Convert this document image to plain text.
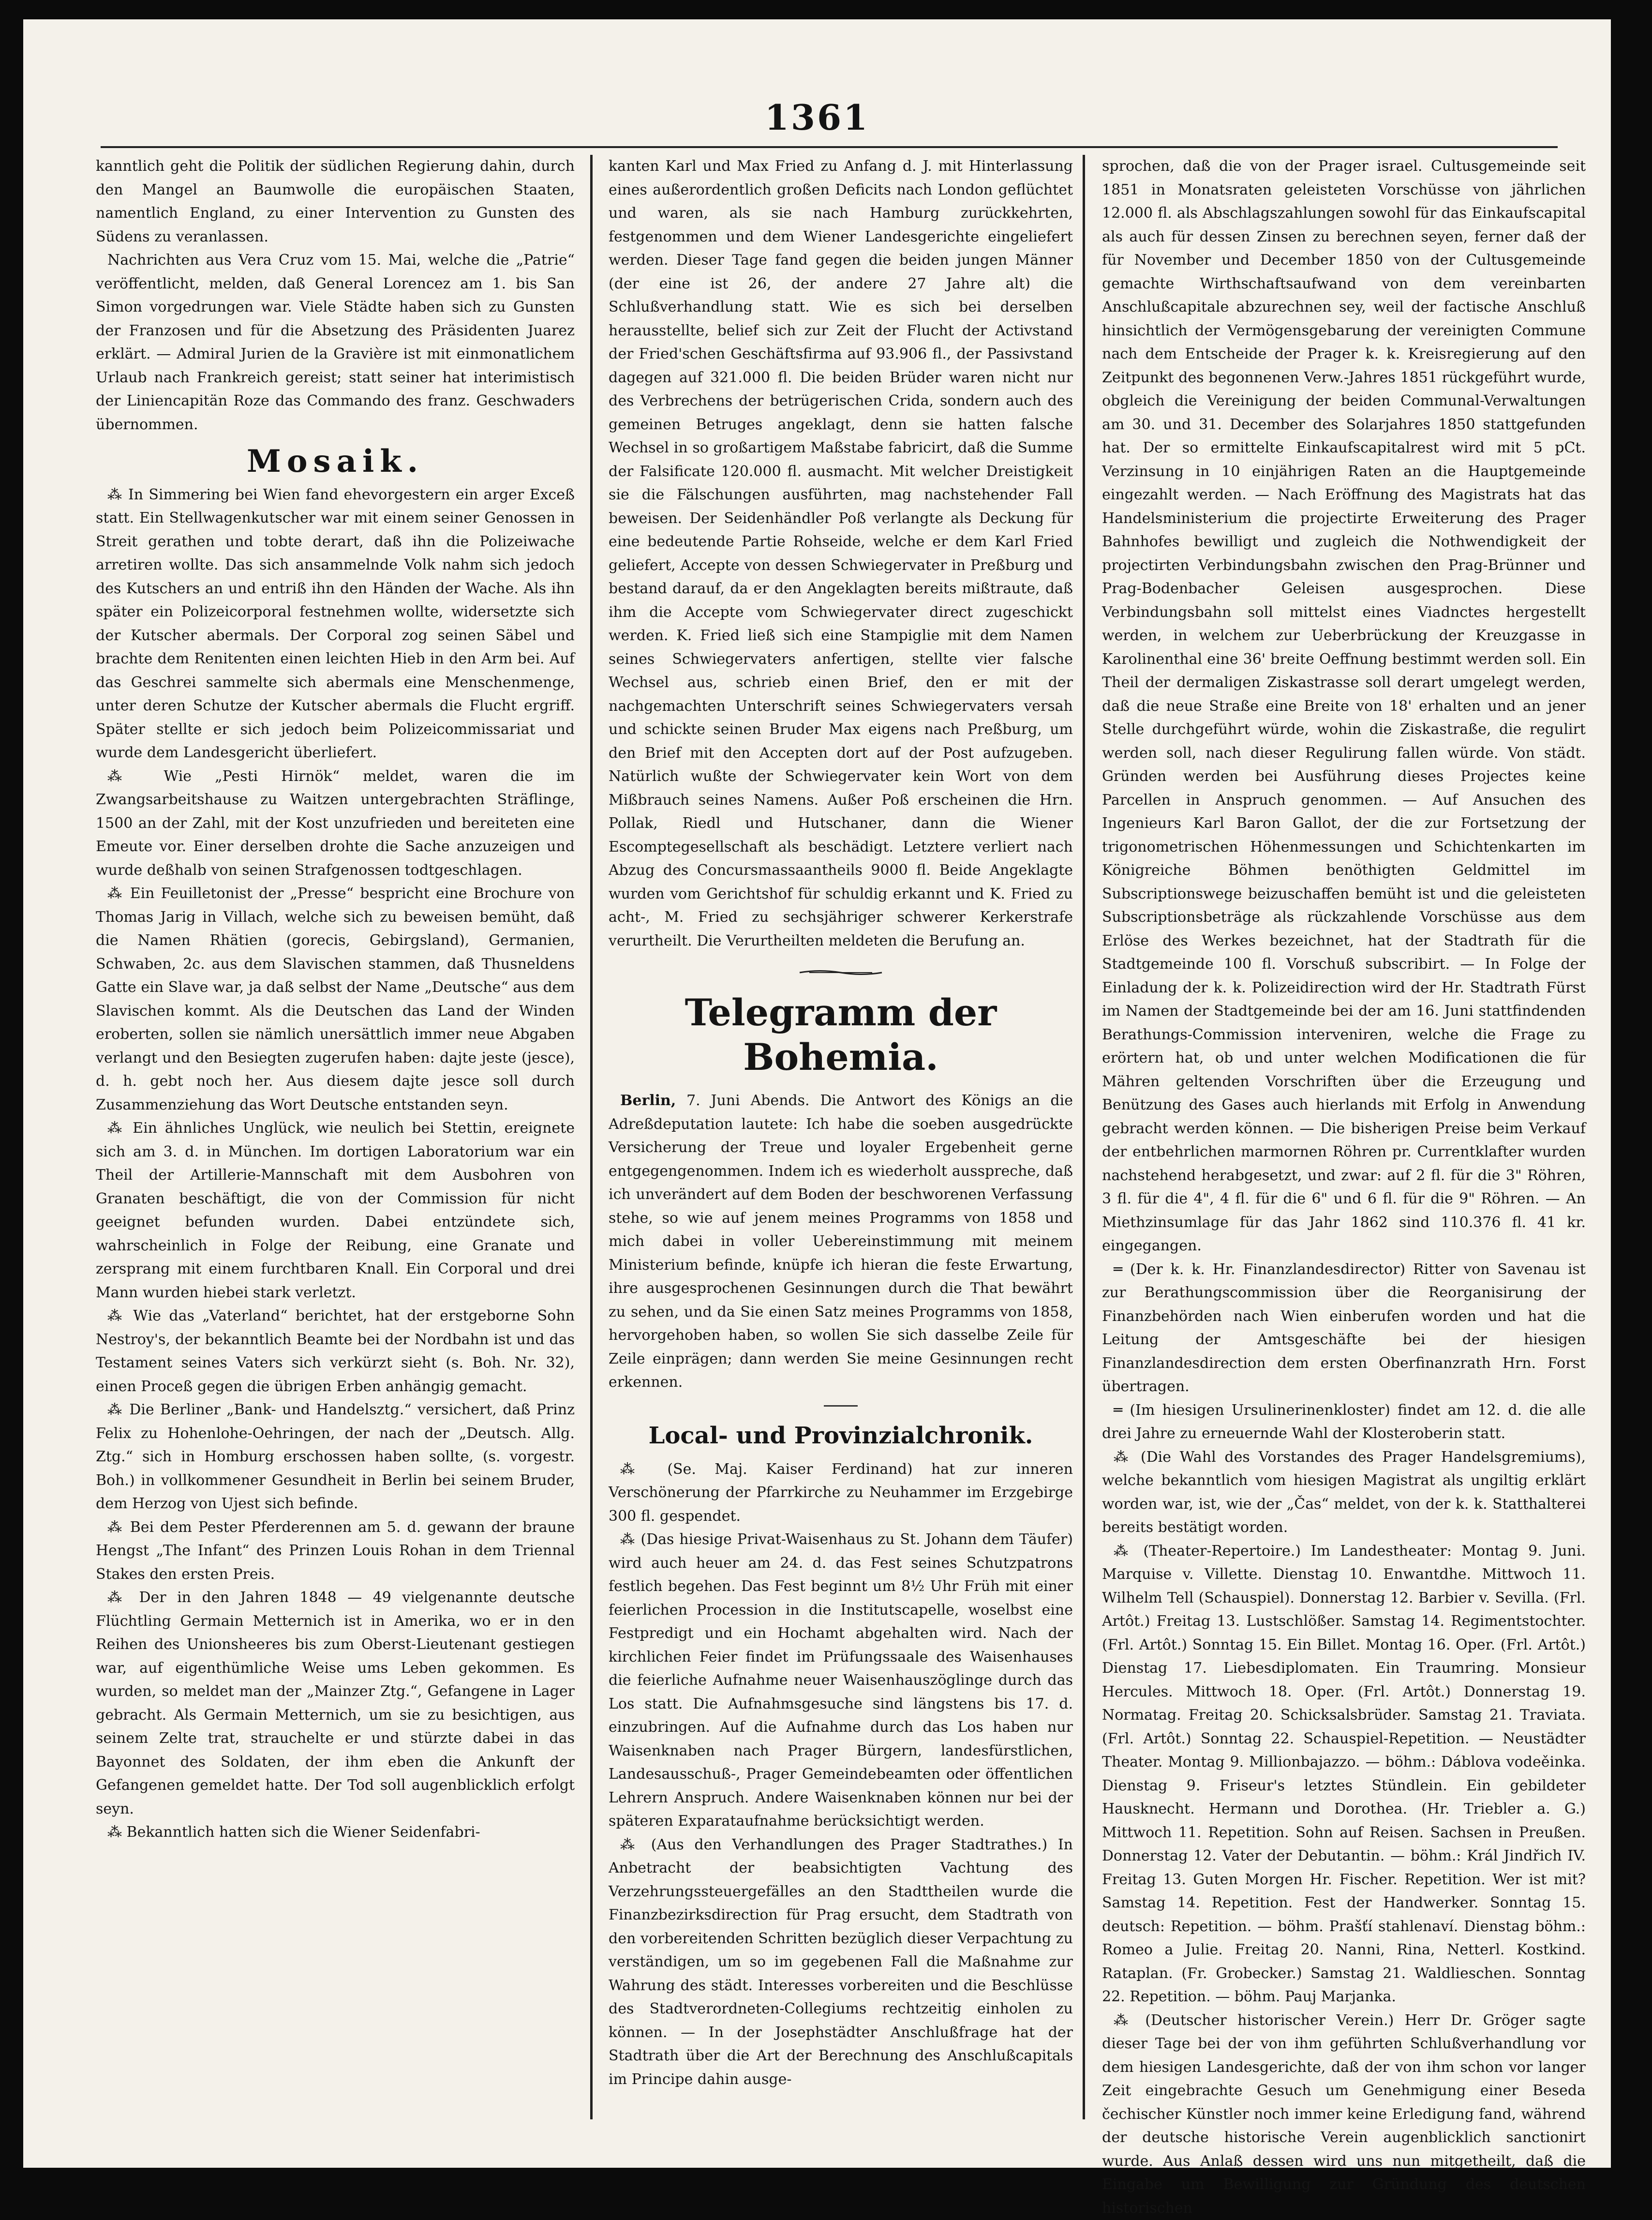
1361

kanntlich geht die Politik der südlichen Regierung dahin, durch den Mangel an Baumwolle die europäischen Staaten, namentlich England, zu einer Intervention zu Gunsten des Südens zu veranlassen.

Nachrichten aus Vera Cruz vom 15. Mai, welche die „Patrie“ veröffentlicht, melden, daß General Lorencez am 1. bis San Simon vorgedrungen war. Viele Städte haben sich zu Gunsten der Franzosen und für die Absetzung des Präsidenten Juarez erklärt. — Admiral Jurien de la Gravière ist mit einmonatlichem Urlaub nach Frankreich gereist; statt seiner hat interimistisch der Liniencapitän Roze das Commando des franz. Geschwaders übernommen.

Mosaik.

⁂ In Simmering bei Wien fand ehevorgestern ein arger Exceß statt. Ein Stellwagenkutscher war mit einem seiner Genossen in Streit gerathen und tobte derart, daß ihn die Polizeiwache arretiren wollte. Das sich ansammelnde Volk nahm sich jedoch des Kutschers an und entriß ihn den Händen der Wache. Als ihn später ein Polizeicorporal festnehmen wollte, widersetzte sich der Kutscher abermals. Der Corporal zog seinen Säbel und brachte dem Renitenten einen leichten Hieb in den Arm bei. Auf das Geschrei sammelte sich abermals eine Menschenmenge, unter deren Schutze der Kutscher abermals die Flucht ergriff. Später stellte er sich jedoch beim Polizeicommissariat und wurde dem Landesgericht überliefert.

⁂ Wie „Pesti Hirnök“ meldet, waren die im Zwangsarbeitshause zu Waitzen untergebrachten Sträflinge, 1500 an der Zahl, mit der Kost unzufrieden und bereiteten eine Emeute vor. Einer derselben drohte die Sache anzuzeigen und wurde deßhalb von seinen Strafgenossen todtgeschlagen.

⁂ Ein Feuilletonist der „Presse“ bespricht eine Brochure von Thomas Jarig in Villach, welche sich zu beweisen bemüht, daß die Namen Rhätien (gorecis, Gebirgsland), Germanien, Schwaben, 2c. aus dem Slavischen stammen, daß Thusneldens Gatte ein Slave war, ja daß selbst der Name „Deutsche“ aus dem Slavischen kommt. Als die Deutschen das Land der Winden eroberten, sollen sie nämlich unersättlich immer neue Abgaben verlangt und den Besiegten zugerufen haben: dajte jeste (jesce), d. h. gebt noch her. Aus diesem dajte jesce soll durch Zusammenziehung das Wort Deutsche entstanden seyn.

⁂ Ein ähnliches Unglück, wie neulich bei Stettin, ereignete sich am 3. d. in München. Im dortigen Laboratorium war ein Theil der Artillerie-Mannschaft mit dem Ausbohren von Granaten beschäftigt, die von der Commission für nicht geeignet befunden wurden. Dabei entzündete sich, wahrscheinlich in Folge der Reibung, eine Granate und zersprang mit einem furchtbaren Knall. Ein Corporal und drei Mann wurden hiebei stark verletzt.

⁂ Wie das „Vaterland“ berichtet, hat der erstgeborne Sohn Nestroy's, der bekanntlich Beamte bei der Nordbahn ist und das Testament seines Vaters sich verkürzt sieht (s. Boh. Nr. 32), einen Proceß gegen die übrigen Erben anhängig gemacht.

⁂ Die Berliner „Bank- und Handelsztg.“ versichert, daß Prinz Felix zu Hohenlohe-Oehringen, der nach der „Deutsch. Allg. Ztg.“ sich in Homburg erschossen haben sollte, (s. vorgestr. Boh.) in vollkommener Gesundheit in Berlin bei seinem Bruder, dem Herzog von Ujest sich befinde.

⁂ Bei dem Pester Pferderennen am 5. d. gewann der braune Hengst „The Infant“ des Prinzen Louis Rohan in dem Triennal Stakes den ersten Preis.

⁂ Der in den Jahren 1848 — 49 vielgenannte deutsche Flüchtling Germain Metternich ist in Amerika, wo er in den Reihen des Unionsheeres bis zum Oberst-Lieutenant gestiegen war, auf eigenthümliche Weise ums Leben gekommen. Es wurden, so meldet man der „Mainzer Ztg.“, Gefangene in Lager gebracht. Als Germain Metternich, um sie zu besichtigen, aus seinem Zelte trat, strauchelte er und stürzte dabei in das Bayonnet des Soldaten, der ihm eben die Ankunft der Gefangenen gemeldet hatte. Der Tod soll augenblicklich erfolgt seyn.

⁂ Bekanntlich hatten sich die Wiener Seidenfabri-

kanten Karl und Max Fried zu Anfang d. J. mit Hinterlassung eines außerordentlich großen Deficits nach London geflüchtet und waren, als sie nach Hamburg zurückkehrten, festgenommen und dem Wiener Landesgerichte eingeliefert werden. Dieser Tage fand gegen die beiden jungen Männer (der eine ist 26, der andere 27 Jahre alt) die Schlußverhandlung statt. Wie es sich bei derselben herausstellte, belief sich zur Zeit der Flucht der Activstand der Fried'schen Geschäftsfirma auf 93.906 fl., der Passivstand dagegen auf 321.000 fl. Die beiden Brüder waren nicht nur des Verbrechens der betrügerischen Crida, sondern auch des gemeinen Betruges angeklagt, denn sie hatten falsche Wechsel in so großartigem Maßstabe fabricirt, daß die Summe der Falsificate 120.000 fl. ausmacht. Mit welcher Dreistigkeit sie die Fälschungen ausführten, mag nachstehender Fall beweisen. Der Seidenhändler Poß verlangte als Deckung für eine bedeutende Partie Rohseide, welche er dem Karl Fried geliefert, Accepte von dessen Schwiegervater in Preßburg und bestand darauf, da er den Angeklagten bereits mißtraute, daß ihm die Accepte vom Schwiegervater direct zugeschickt werden. K. Fried ließ sich eine Stampiglie mit dem Namen seines Schwiegervaters anfertigen, stellte vier falsche Wechsel aus, schrieb einen Brief, den er mit der nachgemachten Unterschrift seines Schwiegervaters versah und schickte seinen Bruder Max eigens nach Preßburg, um den Brief mit den Accepten dort auf der Post aufzugeben. Natürlich wußte der Schwiegervater kein Wort von dem Mißbrauch seines Namens. Außer Poß erscheinen die Hrn. Pollak, Riedl und Hutschaner, dann die Wiener Escomptegesellschaft als beschädigt. Letztere verliert nach Abzug des Concursmassaantheils 9000 fl. Beide Angeklagte wurden vom Gerichtshof für schuldig erkannt und K. Fried zu acht-, M. Fried zu sechsjähriger schwerer Kerkerstrafe verurtheilt. Die Verurtheilten meldeten die Berufung an.

Telegramm der Bohemia.

Berlin, 7. Juni Abends. Die Antwort des Königs an die Adreßdeputation lautete: Ich habe die soeben ausgedrückte Versicherung der Treue und loyaler Ergebenheit gerne entgegengenommen. Indem ich es wiederholt ausspreche, daß ich unverändert auf dem Boden der beschworenen Verfassung stehe, so wie auf jenem meines Programms von 1858 und mich dabei in voller Uebereinstimmung mit meinem Ministerium befinde, knüpfe ich hieran die feste Erwartung, ihre ausgesprochenen Gesinnungen durch die That bewährt zu sehen, und da Sie einen Satz meines Programms von 1858, hervorgehoben haben, so wollen Sie sich dasselbe Zeile für Zeile einprägen; dann werden Sie meine Gesinnungen recht erkennen.

Local- und Provinzialchronik.

⁂ (Se. Maj. Kaiser Ferdinand) hat zur inneren Verschönerung der Pfarrkirche zu Neuhammer im Erzgebirge 300 fl. gespendet.

⁂ (Das hiesige Privat-Waisenhaus zu St. Johann dem Täufer) wird auch heuer am 24. d. das Fest seines Schutzpatrons festlich begehen. Das Fest beginnt um 8½ Uhr Früh mit einer feierlichen Procession in die Institutscapelle, woselbst eine Festpredigt und ein Hochamt abgehalten wird. Nach der kirchlichen Feier findet im Prüfungssaale des Waisenhauses die feierliche Aufnahme neuer Waisenhauszöglinge durch das Los statt. Die Aufnahmsgesuche sind längstens bis 17. d. einzubringen. Auf die Aufnahme durch das Los haben nur Waisenknaben nach Prager Bürgern, landesfürstlichen, Landesausschuß-, Prager Gemeindebeamten oder öffentlichen Lehrern Anspruch. Andere Waisenknaben können nur bei der späteren Exparataufnahme berücksichtigt werden.

⁂ (Aus den Verhandlungen des Prager Stadtrathes.) In Anbetracht der beabsichtigten Vachtung des Verzehrungssteuergefälles an den Stadttheilen wurde die Finanzbezirksdirection für Prag ersucht, dem Stadtrath von den vorbereitenden Schritten bezüglich dieser Verpachtung zu verständigen, um so im gegebenen Fall die Maßnahme zur Wahrung des städt. Interesses vorbereiten und die Beschlüsse des Stadtverordneten-Collegiums rechtzeitig einholen zu können. — In der Josephstädter Anschlußfrage hat der Stadtrath über die Art der Berechnung des Anschlußcapitals im Principe dahin ausge-

sprochen, daß die von der Prager israel. Cultusgemeinde seit 1851 in Monatsraten geleisteten Vorschüsse von jährlichen 12.000 fl. als Abschlagszahlungen sowohl für das Einkaufscapital als auch für dessen Zinsen zu berechnen seyen, ferner daß der für November und December 1850 von der Cultusgemeinde gemachte Wirthschaftsaufwand von dem vereinbarten Anschlußcapitale abzurechnen sey, weil der factische Anschluß hinsichtlich der Vermögensgebarung der vereinigten Commune nach dem Entscheide der Prager k. k. Kreisregierung auf den Zeitpunkt des begonnenen Verw.-Jahres 1851 rückgeführt wurde, obgleich die Vereinigung der beiden Communal-Verwaltungen am 30. und 31. December des Solarjahres 1850 stattgefunden hat. Der so ermittelte Einkaufscapitalrest wird mit 5 pCt. Verzinsung in 10 einjährigen Raten an die Hauptgemeinde eingezahlt werden. — Nach Eröffnung des Magistrats hat das Handelsministerium die projectirte Erweiterung des Prager Bahnhofes bewilligt und zugleich die Nothwendigkeit der projectirten Verbindungsbahn zwischen den Prag-Brünner und Prag-Bodenbacher Geleisen ausgesprochen. Diese Verbindungsbahn soll mittelst eines Viadnctes hergestellt werden, in welchem zur Ueberbrückung der Kreuzgasse in Karolinenthal eine 36' breite Oeffnung bestimmt werden soll. Ein Theil der dermaligen Ziskastrasse soll derart umgelegt werden, daß die neue Straße eine Breite von 18' erhalten und an jener Stelle durchgeführt würde, wohin die Ziskastraße, die regulirt werden soll, nach dieser Regulirung fallen würde. Von städt. Gründen werden bei Ausführung dieses Projectes keine Parcellen in Anspruch genommen. — Auf Ansuchen des Ingenieurs Karl Baron Gallot, der die zur Fortsetzung der trigonometrischen Höhenmessungen und Schichtenkarten im Königreiche Böhmen benöthigten Geldmittel im Subscriptionswege beizuschaffen bemüht ist und die geleisteten Subscriptionsbeträge als rückzahlende Vorschüsse aus dem Erlöse des Werkes bezeichnet, hat der Stadtrath für die Stadtgemeinde 100 fl. Vorschuß subscribirt. — In Folge der Einladung der k. k. Polizeidirection wird der Hr. Stadtrath Fürst im Namen der Stadtgemeinde bei der am 16. Juni stattfindenden Berathungs-Commission interveniren, welche die Frage zu erörtern hat, ob und unter welchen Modificationen die für Mähren geltenden Vorschriften über die Erzeugung und Benützung des Gases auch hierlands mit Erfolg in Anwendung gebracht werden können. — Die bisherigen Preise beim Verkauf der entbehrlichen marmornen Röhren pr. Currentklafter wurden nachstehend herabgesetzt, und zwar: auf 2 fl. für die 3" Röhren, 3 fl. für die 4", 4 fl. für die 6" und 6 fl. für die 9" Röhren. — An Miethzinsumlage für das Jahr 1862 sind 110.376 fl. 41 kr. eingegangen.

═ (Der k. k. Hr. Finanzlandesdirector) Ritter von Savenau ist zur Berathungscommission über die Reorganisirung der Finanzbehörden nach Wien einberufen worden und hat die Leitung der Amtsgeschäfte bei der hiesigen Finanzlandesdirection dem ersten Oberfinanzrath Hrn. Forst übertragen.

═ (Im hiesigen Ursulinerinenkloster) findet am 12. d. die alle drei Jahre zu erneuernde Wahl der Klosteroberin statt.

⁂ (Die Wahl des Vorstandes des Prager Handelsgremiums), welche bekanntlich vom hiesigen Magistrat als ungiltig erklärt worden war, ist, wie der „Čas“ meldet, von der k. k. Statthalterei bereits bestätigt worden.

⁂ (Theater-Repertoire.) Im Landestheater: Montag 9. Juni. Marquise v. Villette. Dienstag 10. Enwantdhe. Mittwoch 11. Wilhelm Tell (Schauspiel). Donnerstag 12. Barbier v. Sevilla. (Frl. Artôt.) Freitag 13. Lustschlößer. Samstag 14. Regimentstochter. (Frl. Artôt.) Sonntag 15. Ein Billet. Montag 16. Oper. (Frl. Artôt.) Dienstag 17. Liebesdiplomaten. Ein Traumring. Monsieur Hercules. Mittwoch 18. Oper. (Frl. Artôt.) Donnerstag 19. Normatag. Freitag 20. Schicksalsbrüder. Samstag 21. Traviata. (Frl. Artôt.) Sonntag 22. Schauspiel-Repetition. — Neustädter Theater. Montag 9. Millionbajazzo. — böhm.: Dáblova vodeěinka. Dienstag 9. Friseur's letztes Stündlein. Ein gebildeter Hausknecht. Hermann und Dorothea. (Hr. Triebler a. G.) Mittwoch 11. Repetition. Sohn auf Reisen. Sachsen in Preußen. Donnerstag 12. Vater der Debutantin. — böhm.: Král Jindřich IV. Freitag 13. Guten Morgen Hr. Fischer. Repetition. Wer ist mit? Samstag 14. Repetition. Fest der Handwerker. Sonntag 15. deutsch: Repetition. — böhm. Prašťí stahlenaví. Dienstag böhm.: Romeo a Julie. Freitag 20. Nanni, Rina, Netterl. Kostkind. Rataplan. (Fr. Grobecker.) Samstag 21. Waldlieschen. Sonntag 22. Repetition. — böhm. Pauj Marjanka.

⁂ (Deutscher historischer Verein.) Herr Dr. Gröger sagte dieser Tage bei der von ihm geführten Schlußverhandlung vor dem hiesigen Landesgerichte, daß der von ihm schon vor langer Zeit eingebrachte Gesuch um Genehmigung einer Beseda čechischer Künstler noch immer keine Erledigung fand, während der deutsche historische Verein augenblicklich sanctionirt wurde. Aus Anlaß dessen wird uns nun mitgetheilt, daß die Eingabe um Bewilligung zur Gründung des deutschen historischen
